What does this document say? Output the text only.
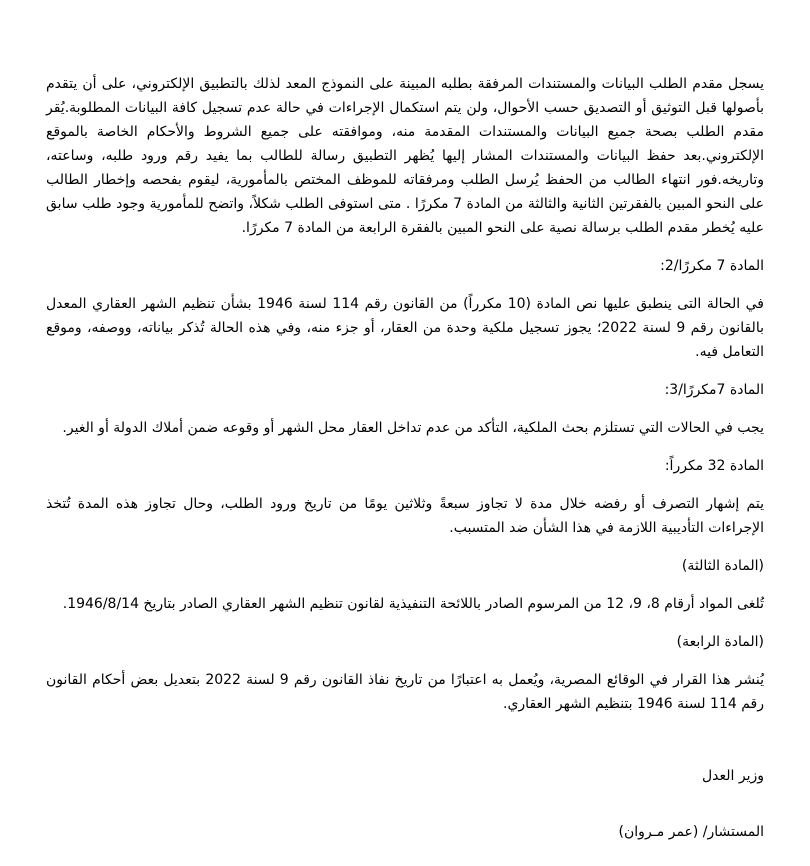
يسجل مقدم الطلب البيانات والمستندات المرفقة بطلبه المبينة على النموذج المعد لذلك بالتطبيق الإلكتروني، على أن يتقدم بأصولها قبل التوثيق أو التصديق حسب الأحوال، ولن يتم استكمال الإجراءات في حالة عدم تسجيل كافة البيانات المطلوبة.يُقر مقدم الطلب بصحة جميع البيانات والمستندات المقدمة منه، وموافقته على جميع الشروط والأحكام الخاصة بالموقع الإلكتروني.بعد حفظ البيانات والمستندات المشار إليها يُظهر التطبيق رسالة للطالب بما يفيد رقم ورود طلبه، وساعته، وتاريخه.فور انتهاء الطالب من الحفظ يُرسل الطلب ومرفقاته للموظف المختص بالمأمورية، ليقوم بفحصه وإخطار الطالب على النحو المبين بالفقرتين الثانية والثالثة من المادة 7 مكررًا . متى استوفى الطلب شكلاً، واتضح للمأمورية وجود طلب سابق عليه يُخطر مقدم الطلب برسالة نصية على النحو المبين بالفقرة الرابعة من المادة 7 مكررًا.

المادة 7 مكررًا/2:

في الحالة التى ينطبق عليها نص المادة (10 مكرراً) من القانون رقم 114 لسنة 1946 بشأن تنظيم الشهر العقاري المعدل بالقانون رقم 9 لسنة 2022؛ يجوز تسجيل ملكية وحدة من العقار، أو جزء منه، وفي هذه الحالة تُذكر بياناته، ووصفه، وموقع التعامل فيه.

المادة 7مكررًا/3:

يجب في الحالات التي تستلزم بحث الملكية، التأكد من عدم تداخل العقار محل الشهر أو وقوعه ضمن أملاك الدولة أو الغير.

المادة 32 مكرراً:

يتم إشهار التصرف أو رفضه خلال مدة لا تجاوز سبعةً وثلاثين يومًا من تاريخ ورود الطلب، وحال تجاوز هذه المدة تُتخذ الإجراءات التأديبية اللازمة في هذا الشأن ضد المتسبب.

(المادة الثالثة)

تُلغى المواد أرقام 8، 9، 12 من المرسوم الصادر باللائحة التنفيذية لقانون تنظيم الشهر العقاري الصادر بتاريخ 1946/8/14.

(المادة الرابعة)

يُنشر هذا القرار في الوقائع المصرية، ويُعمل به اعتبارًا من تاريخ نفاذ القانون رقم 9 لسنة 2022 بتعديل بعض أحكام القانون رقم 114 لسنة 1946 بتنظيم الشهر العقاري.

وزير العدل

المستشار/ (عمر مـروان)
